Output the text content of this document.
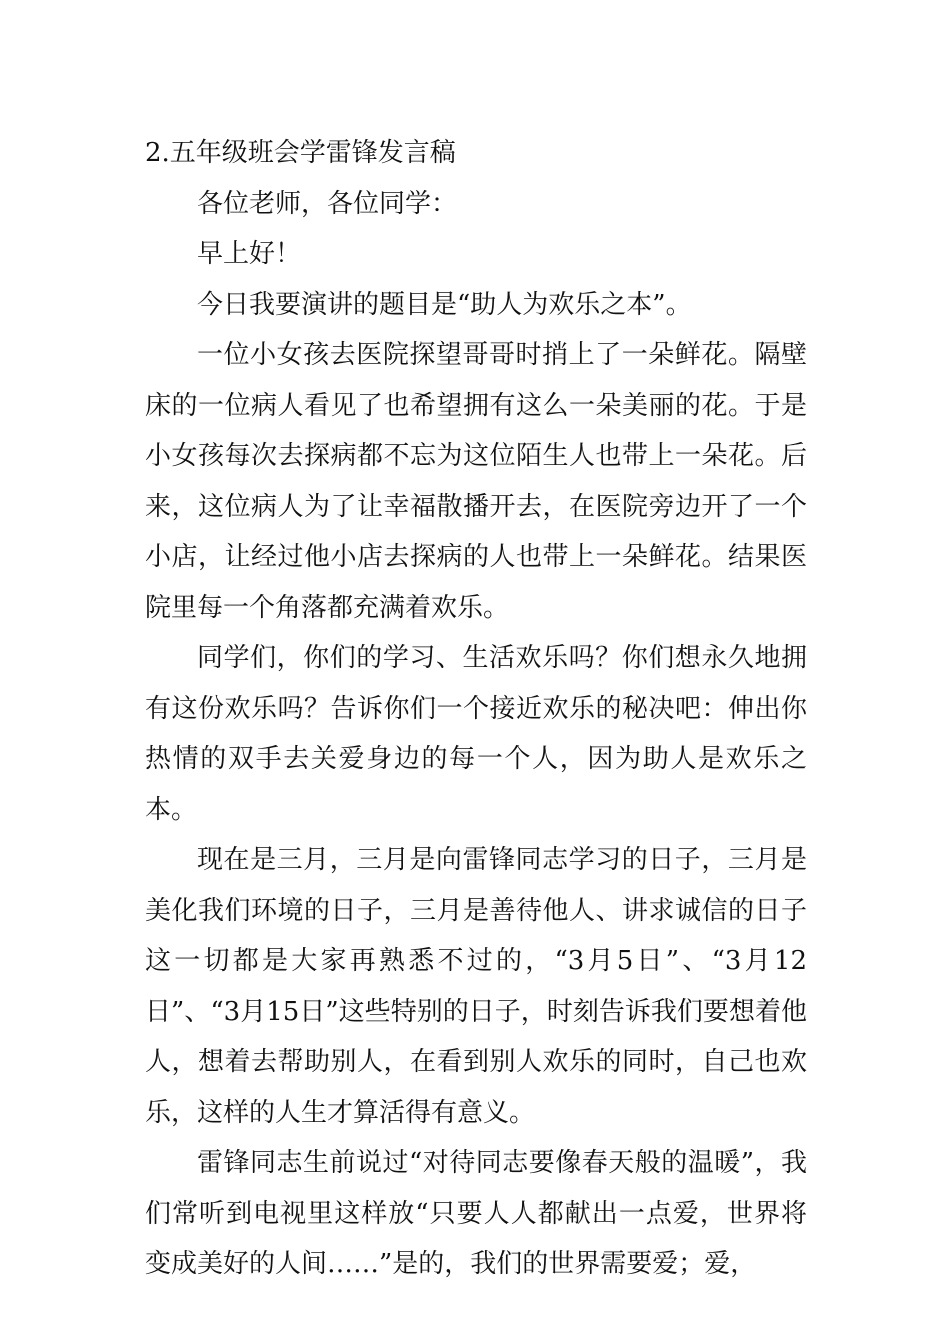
2.五年级班会学雷锋发言稿

各位老师，各位同学：

早上好！

今日我要演讲的题目是“助人为欢乐之本”。

一位小女孩去医院探望哥哥时捎上了一朵鲜花。隔壁床的一位病人看见了也希望拥有这么一朵美丽的花。于是小女孩每次去探病都不忘为这位陌生人也带上一朵花。后来，这位病人为了让幸福散播开去，在医院旁边开了一个小店，让经过他小店去探病的人也带上一朵鲜花。结果医院里每一个角落都充满着欢乐。

同学们，你们的学习、生活欢乐吗？你们想永久地拥有这份欢乐吗？告诉你们一个接近欢乐的秘决吧：伸出你热情的双手去关爱身边的每一个人，因为助人是欢乐之本。

现在是三月，三月是向雷锋同志学习的日子，三月是美化我们环境的日子，三月是善待他人、讲求诚信的日子这一切都是大家再熟悉不过的，“3月5日”、“3月12日”、“3月15日”这些特别的日子，时刻告诉我们要想着他人，想着去帮助别人，在看到别人欢乐的同时，自己也欢乐，这样的人生才算活得有意义。

雷锋同志生前说过“对待同志要像春天般的温暖”，我们常听到电视里这样放“只要人人都献出一点爱，世界将变成美好的人间……”是的，我们的世界需要爱；爱，
